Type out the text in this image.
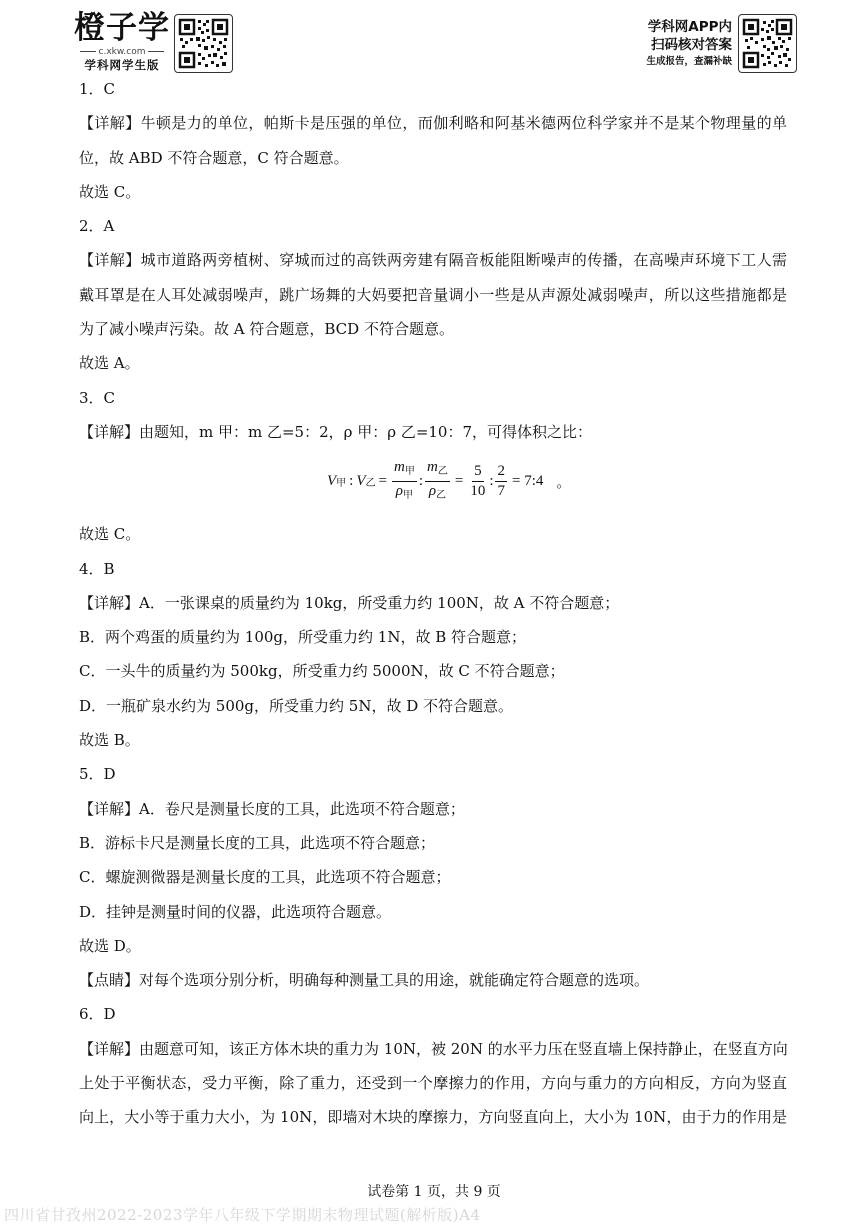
橙子学
c.xkw.com
学科网学生版
学科网APP内
扫码核对答案
生成报告，查漏补缺
1．C
【详解】牛顿是力的单位，帕斯卡是压强的单位，而伽利略和阿基米德两位科学家并不是某个物理量的单
位，故 ABD 不符合题意，C 符合题意。
故选 C。
2．A
【详解】城市道路两旁植树、穿城而过的高铁两旁建有隔音板能阻断噪声的传播，在高噪声环境下工人需
戴耳罩是在人耳处减弱噪声，跳广场舞的大妈要把音量调小一些是从声源处减弱噪声，所以这些措施都是
为了减小噪声污染。故 A 符合题意，BCD 不符合题意。
故选 A。
3．C
【详解】由题知，m 甲：m 乙=5：2，ρ 甲：ρ 乙=10：7，可得体积之比：
V 甲 : V 乙 = $\frac{m_甲}{\rho_甲}$ : $\frac{m_乙}{\rho_乙} = \frac{5}{10}$ : $\frac{2}{7}$ = 7:4 。
故选 C。
4．B
【详解】A．一张课桌的质量约为 10kg，所受重力约 100N，故 A 不符合题意；
B．两个鸡蛋的质量约为 100g，所受重力约 1N，故 B 符合题意；
C．一头牛的质量约为 500kg，所受重力约 5000N，故 C 不符合题意；
D．一瓶矿泉水约为 500g，所受重力约 5N，故 D 不符合题意。
故选 B。
5．D
【详解】A．卷尺是测量长度的工具，此选项不符合题意；
B．游标卡尺是测量长度的工具，此选项不符合题意；
C．螺旋测微器是测量长度的工具，此选项不符合题意；
D．挂钟是测量时间的仪器，此选项符合题意。
故选 D。
【点睛】对每个选项分别分析，明确每种测量工具的用途，就能确定符合题意的选项。
6．D
【详解】由题意可知，该正方体木块的重力为 10N，被 20N 的水平力压在竖直墙上保持静止，在竖直方向
上处于平衡状态，受力平衡，除了重力，还受到一个摩擦力的作用，方向与重力的方向相反，方向为竖直
向上，大小等于重力大小，为 10N，即墙对木块的摩擦力，方向竖直向上，大小为 10N，由于力的作用是
试卷第 1 页，共 9 页
四川省甘孜州2022-2023学年八年级下学期期末物理试题(解析版)A4
